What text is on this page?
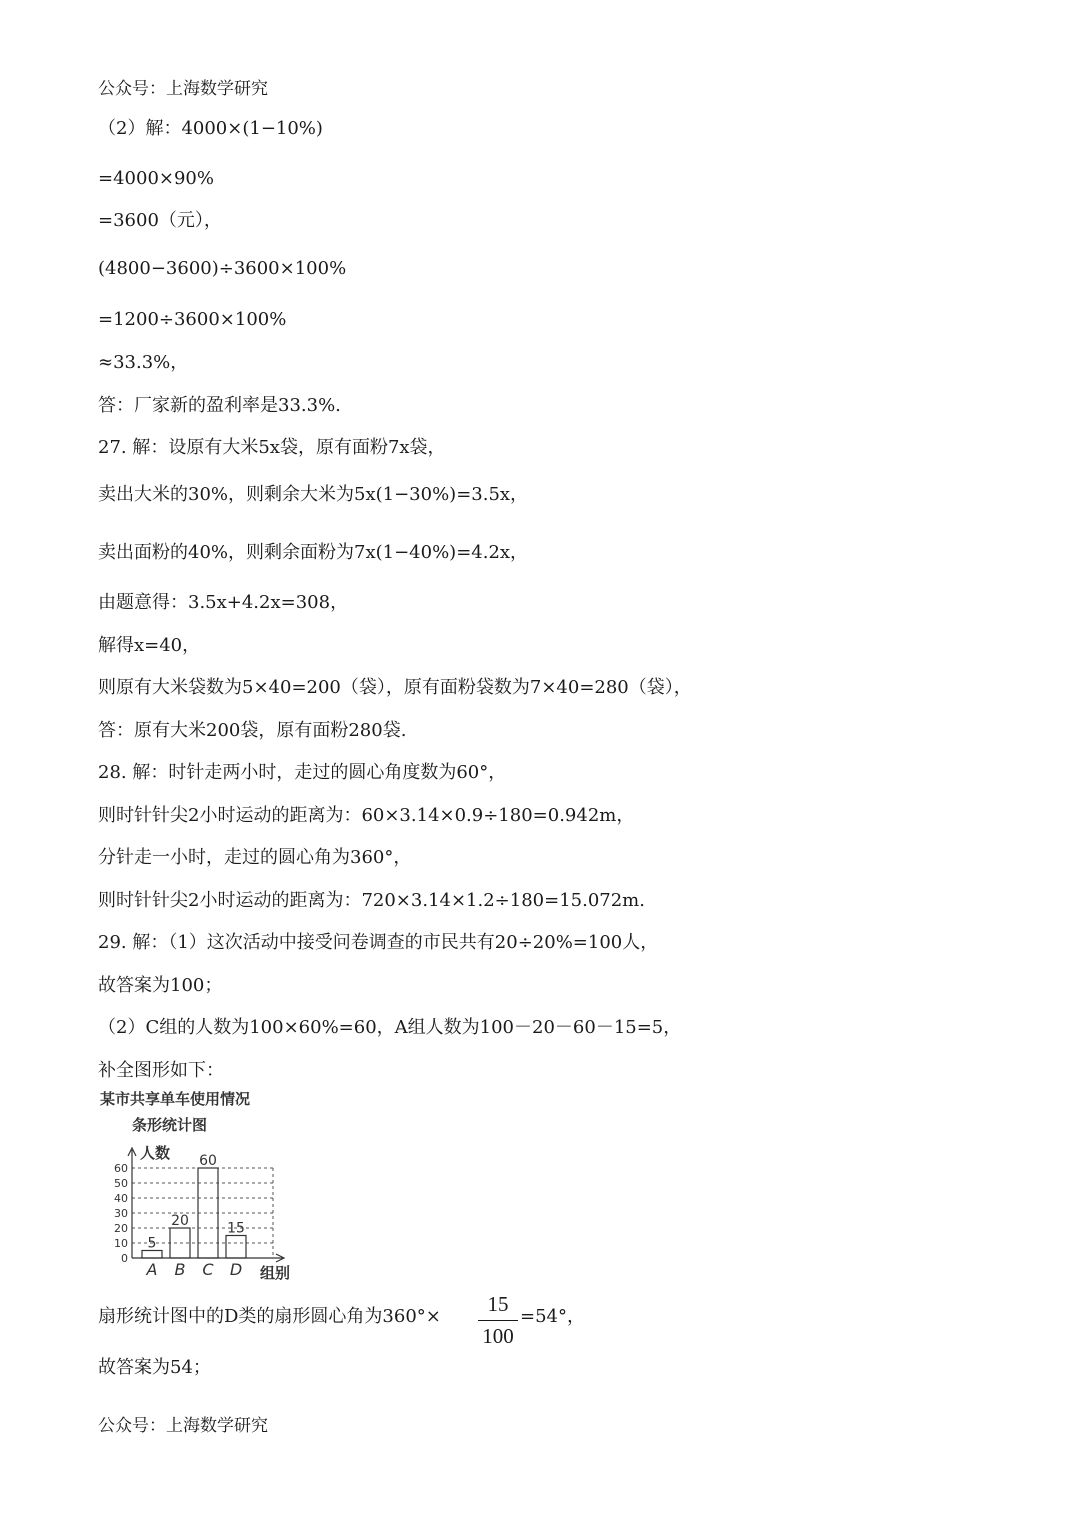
公众号：上海数学研究
（2）解：4000×(1−10%)
=4000×90%
=3600（元），
(4800−3600)÷3600×100%
=1200÷3600×100%
≈33.3%，
答：厂家新的盈利率是33.3%.
27. 解：设原有大米5x袋，原有面粉7x袋，
卖出大米的30%，则剩余大米为5x(1−30%)=3.5x，
卖出面粉的40%，则剩余面粉为7x(1−40%)=4.2x，
由题意得：3.5x+4.2x=308，
解得x=40，
则原有大米袋数为5×40=200（袋），原有面粉袋数为7×40=280（袋），
答：原有大米200袋，原有面粉280袋.
28. 解：时针走两小时，走过的圆心角度数为60°，
则时针针尖2小时运动的距离为：60×3.14×0.9÷180=0.942m，
分针走一小时，走过的圆心角为360°，
则时针针尖2小时运动的距离为：720×3.14×1.2÷180=15.072m.
29. 解：（1）这次活动中接受问卷调查的市民共有20÷20%=100人，
故答案为100；
（2）C组的人数为100×60%=60，A组人数为100－20－60－15=5，
补全图形如下：
扇形统计图中的D类的扇形圆心角为360°×	=54°，
故答案为54；
15
100
某市共享单车使用情况
条形统计图
0
10
20
30
40
50
60
人数
组别
5
A
20
B
60
C
15
D
公众号：上海数学研究
